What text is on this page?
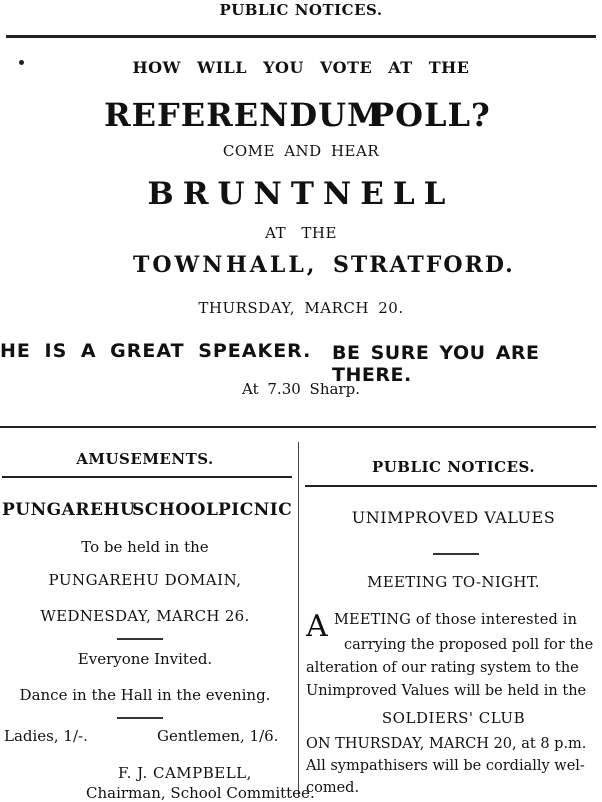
PUBLIC NOTICES.
HOW WILL YOU VOTE AT THE
REFERENDUM
POLL?
COME AND HEAR
BRUNTNELL
AT THE
TOWN HALL, STRATFORD.
THURSDAY, MARCH 20.
HE IS A GREAT SPEAKER. BE SURE YOU ARE THERE.
At 7.30 Sharp.
AMUSEMENTS.
PUNGAREHU
SCHOOL PICNIC
To be held in the
PUNGAREHU DOMAIN,
WEDNESDAY, MARCH 26.
Everyone Invited.
Dance in the Hall in the evening.
Ladies, 1/-.	Gentlemen, 1/6.
F. J. CAMPBELL,
Chairman, School Committee.
PUBLIC NOTICES.
UNIMPROVED VALUES
MEETING TO-NIGHT.
A MEETING of those interested in
carrying the proposed poll for the
alteration of our rating system to the
Unimproved Values will be held in the
SOLDIERS' CLUB
ON THURSDAY, MARCH 20, at 8 p.m.
All sympathisers will be cordially wel-
comed.
